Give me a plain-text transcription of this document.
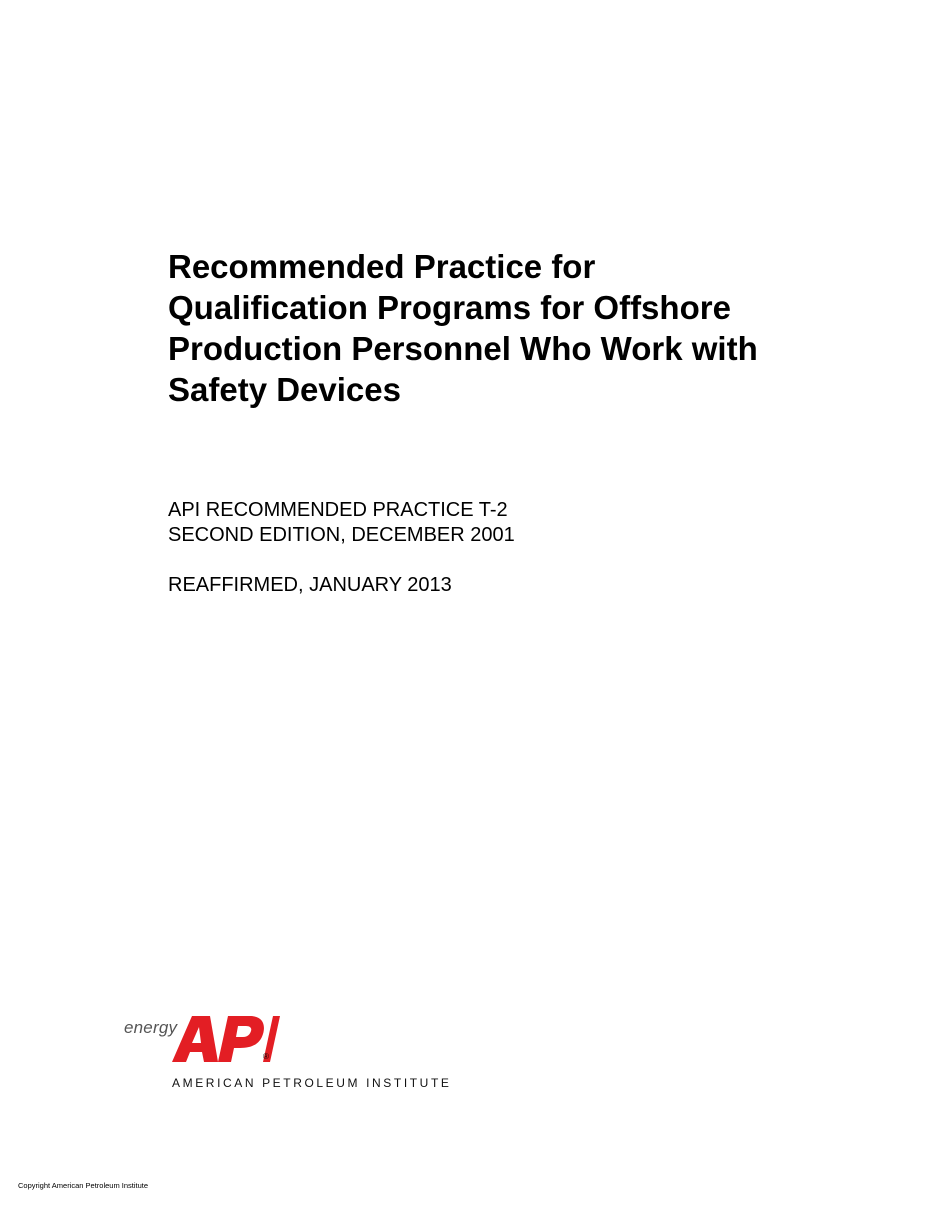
Recommended Practice for
Qualification Programs for Offshore
Production Personnel Who Work with
Safety Devices
API RECOMMENDED PRACTICE T-2
SECOND EDITION, DECEMBER 2001
REAFFIRMED, JANUARY 2013
energy
®
AMERICAN PETROLEUM INSTITUTE
Copyright American Petroleum Institute
